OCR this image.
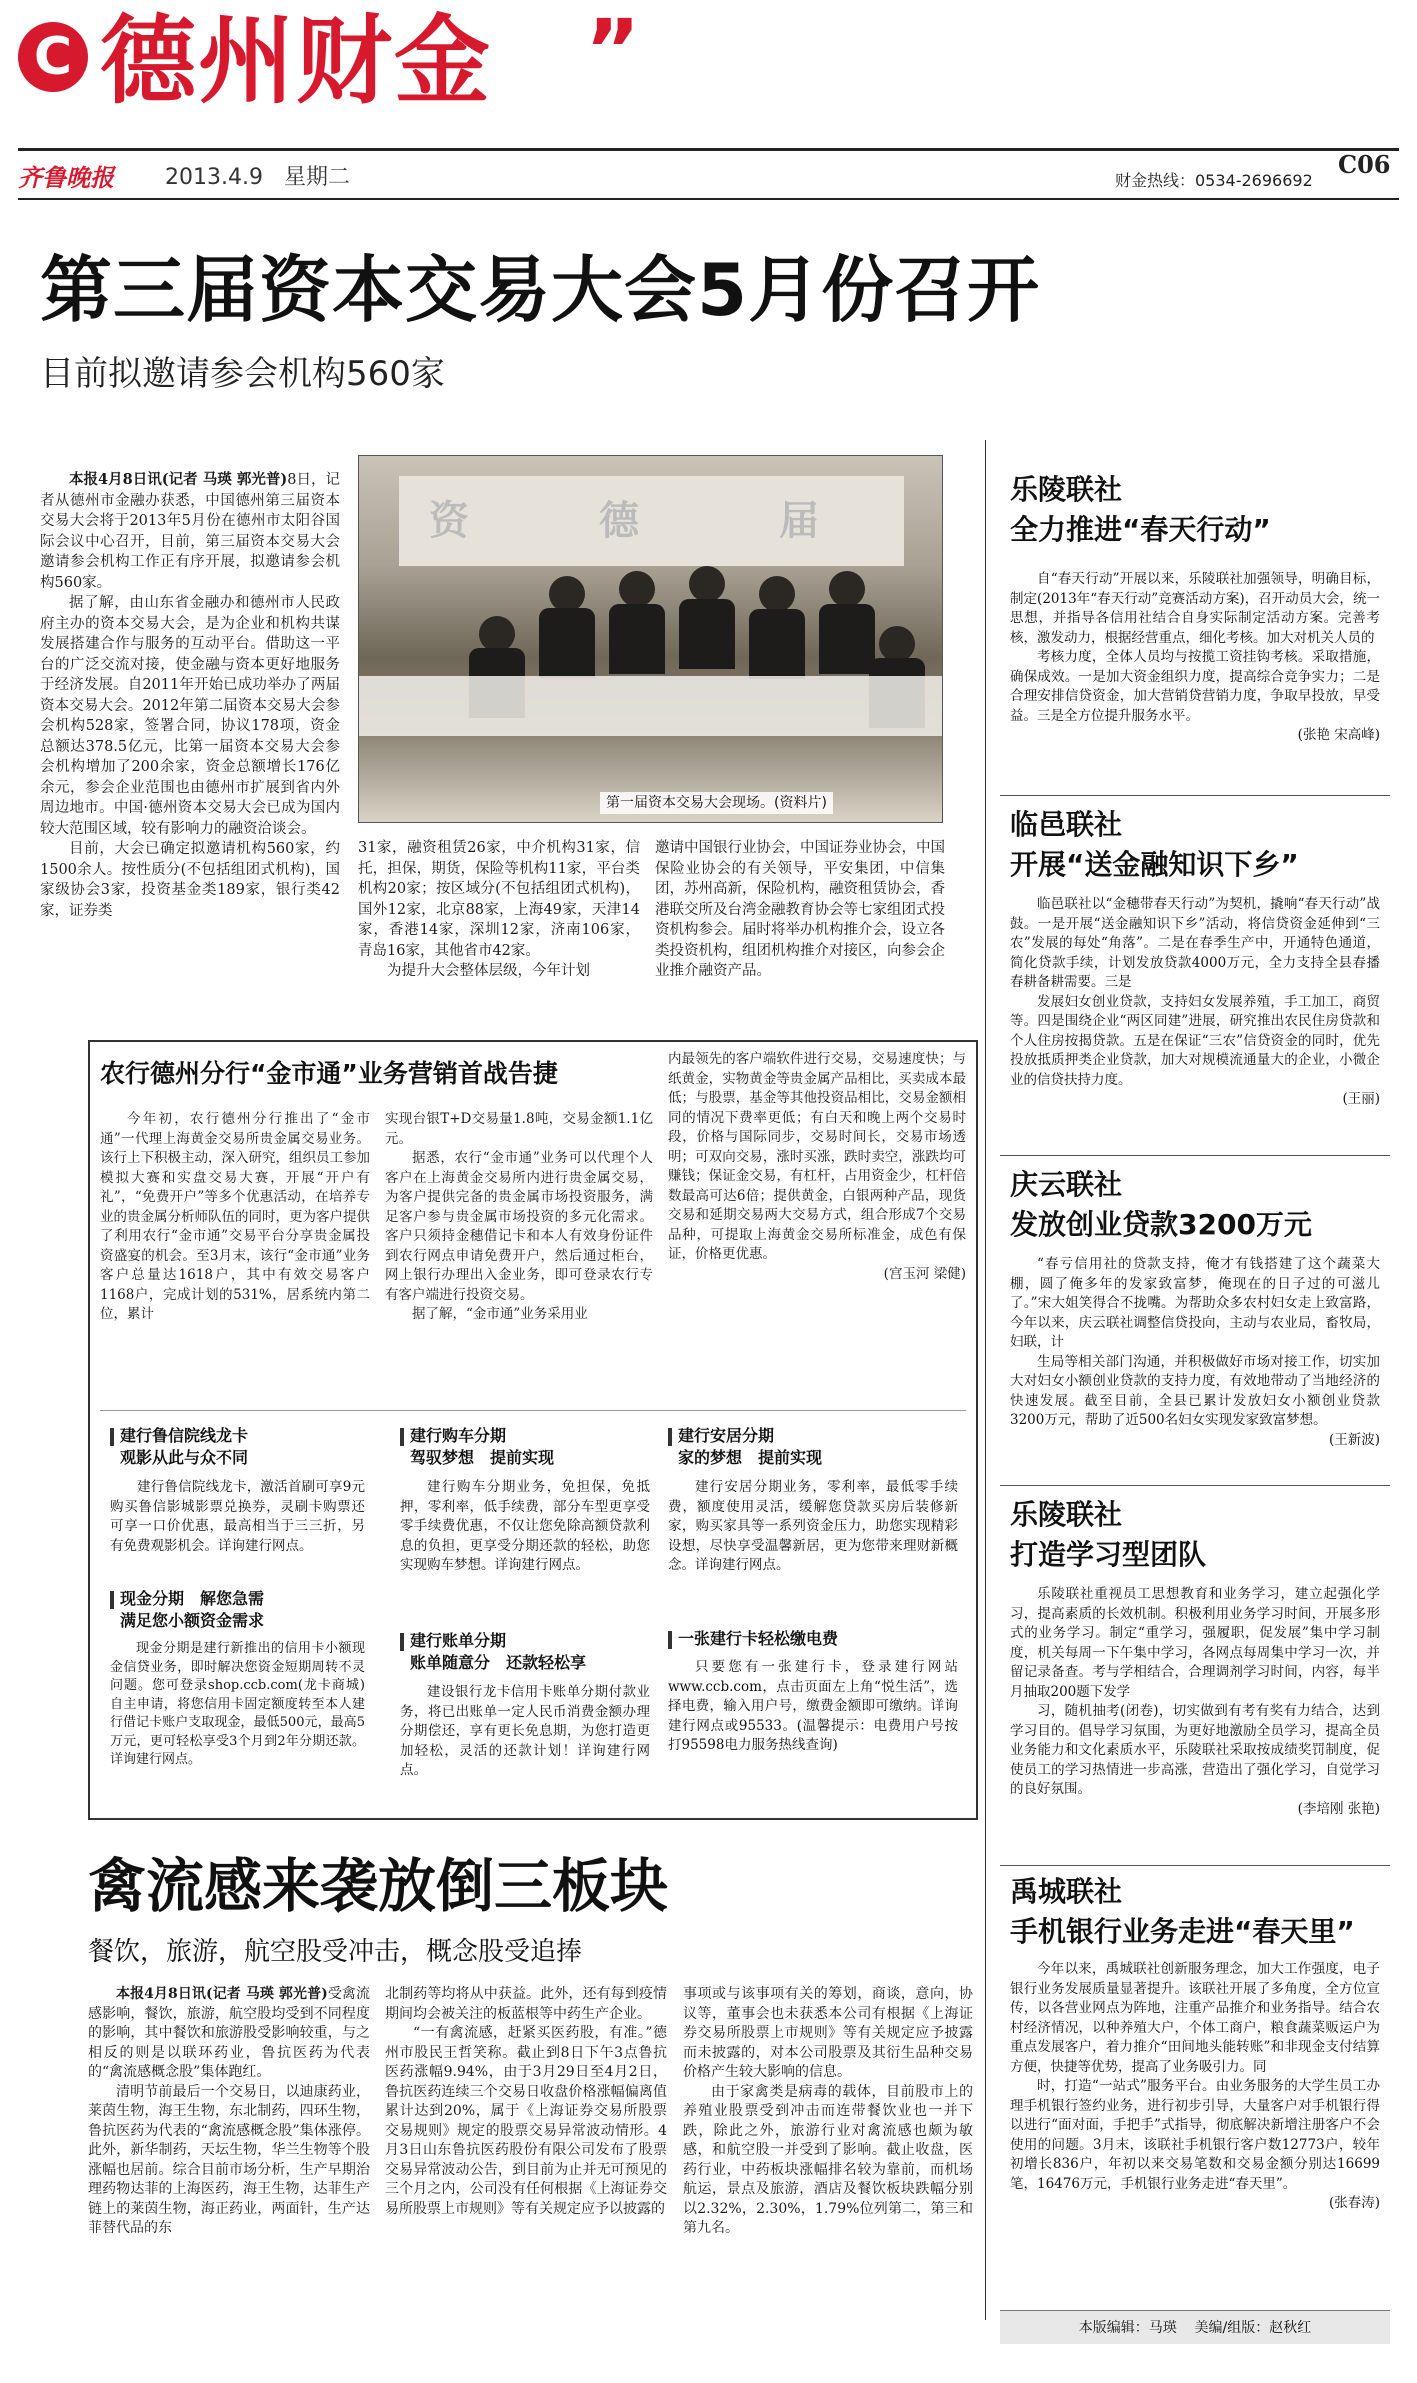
C 德州财金 ”
齐鲁晚报 2013.4.9 星期二	财金热线：0534-2696692
C06
第三届资本交易大会5月份召开
目前拟邀请参会机构560家

本报4月8日讯(记者 马瑛 郭光普)8日，记者从德州市金融办获悉，中国德州第三届资本交易大会将于2013年5月份在德州市太阳谷国际会议中心召开，目前，第三届资本交易大会邀请参会机构工作正有序开展，拟邀请参会机构560家。

据了解，由山东省金融办和德州市人民政府主办的资本交易大会，是为企业和机构共谋发展搭建合作与服务的互动平台。借助这一平台的广泛交流对接，使金融与资本更好地服务于经济发展。自2011年开始已成功举办了两届资本交易大会。2012年第二届资本交易大会参会机构528家，签署合同，协议178项，资金总额达378.5亿元，比第一届资本交易大会参会机构增加了200余家，资金总额增长176亿余元，参会企业范围也由德州市扩展到省内外周边地市。中国·德州资本交易大会已成为国内较大范围区域，较有影响力的融资洽谈会。

目前，大会已确定拟邀请机构560家，约1500余人。按性质分(不包括组团式机构)，国家级协会3家，投资基金类189家，银行类42家，证券类

资	德	届
第一届资本交易大会现场。(资料片)

31家，融资租赁26家，中介机构31家，信托，担保，期货，保险等机构11家，平台类机构20家；按区域分(不包括组团式机构)，国外12家，北京88家，上海49家，天津14家，香港14家，深圳12家，济南106家，青岛16家，其他省市42家。

为提升大会整体层级，今年计划

邀请中国银行业协会，中国证券业协会，中国保险业协会的有关领导，平安集团，中信集团，苏州高新，保险机构，融资租赁协会，香港联交所及台湾金融教育协会等七家组团式投资机构参会。届时将举办机构推介会，设立各类投资机构，组团机构推介对接区，向参会企业推介融资产品。

农行德州分行“金市通”业务营销首战告捷

今年初，农行德州分行推出了“金市通”一代理上海黄金交易所贵金属交易业务。该行上下积极主动，深入研究，组织员工参加模拟大赛和实盘交易大赛，开展“开户有礼”，“免费开户”等多个优惠活动，在培养专业的贵金属分析师队伍的同时，更为客户提供了利用农行“金市通”交易平台分享贵金属投资盛宴的机会。至3月末，该行“金市通”业务客户总量达1618户，其中有效交易客户1168户，完成计划的531%，居系统内第二位，累计

实现台银T+D交易量1.8吨，交易金额1.1亿元。

据悉，农行“金市通”业务可以代理个人客户在上海黄金交易所内进行贵金属交易，为客户提供完备的贵金属市场投资服务，满足客户参与贵金属市场投资的多元化需求。客户只须持金穗借记卡和本人有效身份证件到农行网点申请免费开户，然后通过柜台，网上银行办理出入金业务，即可登录农行专有客户端进行投资交易。

据了解，“金市通”业务采用业

内最领先的客户端软件进行交易，交易速度快；与纸黄金，实物黄金等贵金属产品相比，买卖成本最低；与股票，基金等其他投资品相比，交易金额相同的情况下费率更低；有白天和晚上两个交易时段，价格与国际同步，交易时间长，交易市场透明；可双向交易，涨时买涨，跌时卖空，涨跌均可赚钱；保证金交易，有杠杆，占用资金少，杠杆倍数最高可达6倍；提供黄金，白银两种产品，现货交易和延期交易两大交易方式，组合形成7个交易品种，可提取上海黄金交易所标准金，成色有保证，价格更优惠。

(宫玉河 梁健)
建行鲁信院线龙卡
观影从此与众不同

建行鲁信院线龙卡，激活首刷可享9元购买鲁信影城影票兑换券，灵刷卡购票还可享一口价优惠，最高相当于三三折，另有免费观影机会。详询建行网点。

建行购车分期
驾驭梦想　提前实现

建行购车分期业务，免担保，免抵押，零利率，低手续费，部分车型更享受零手续费优惠，不仅让您免除高额贷款利息的负担，更享受分期还款的轻松，助您实现购车梦想。详询建行网点。

建行安居分期
家的梦想　提前实现

建行安居分期业务，零利率，最低零手续费，额度使用灵活，缓解您贷款买房后装修新家，购买家具等一系列资金压力，助您实现精彩设想，尽快享受温馨新居，更为您带来理财新概念。详询建行网点。

现金分期　解您急需
满足您小额资金需求

现金分期是建行新推出的信用卡小额现金信贷业务，即时解决您资金短期周转不灵问题。您可登录shop.ccb.com(龙卡商城)自主申请，将您信用卡固定额度转至本人建行借记卡账户支取现金，最低500元，最高5万元，更可轻松享受3个月到2年分期还款。详询建行网点。

建行账单分期
账单随意分　还款轻松享

建设银行龙卡信用卡账单分期付款业务，将已出账单一定人民币消费金额办理分期偿还，享有更长免息期，为您打造更加轻松，灵活的还款计划！详询建行网点。

一张建行卡轻松缴电费

只要您有一张建行卡，登录建行网站www.ccb.com，点击页面左上角“悦生活”，选择电费，输入用户号，缴费金额即可缴纳。详询建行网点或95533。(温馨提示：电费用户号按打95598电力服务热线查询)

禽流感来袭放倒三板块
餐饮，旅游，航空股受冲击，概念股受追捧

本报4月8日讯(记者 马瑛 郭光普)受禽流感影响，餐饮，旅游，航空股均受到不同程度的影响，其中餐饮和旅游股受影响较重，与之相反的则是以联环药业，鲁抗医药为代表的“禽流感概念股”集体跑红。

清明节前最后一个交易日，以迪康药业，莱茵生物，海王生物，东北制药，四环生物，鲁抗医药为代表的“禽流感概念股”集体涨停。此外，新华制药，天坛生物，华兰生物等个股涨幅也居前。综合目前市场分析，生产早期治理药物达菲的上海医药，海王生物，达菲生产链上的莱茵生物，海正药业，两面针，生产达菲替代品的东

北制药等均将从中获益。此外，还有每到疫情期间均会被关注的板蓝根等中药生产企业。

“一有禽流感，赶紧买医药股，有准。”德州市股民王哲笑称。截止到8日下午3点鲁抗医药涨幅9.94%，由于3月29日至4月2日，鲁抗医药连续三个交易日收盘价格涨幅偏离值累计达到20%，属于《上海证券交易所股票交易规则》规定的股票交易异常波动情形。4月3日山东鲁抗医药股份有限公司发布了股票交易异常波动公告，到目前为止并无可预见的三个月之内，公司没有任何根据《上海证券交易所股票上市规则》等有关规定应予以披露的

事项或与该事项有关的筹划，商谈，意向，协议等，董事会也未获悉本公司有根据《上海证券交易所股票上市规则》等有关规定应予披露而未披露的，对本公司股票及其衍生品种交易价格产生较大影响的信息。

由于家禽类是病毒的载体，目前股市上的养殖业股票受到冲击而连带餐饮业也一并下跌，除此之外，旅游行业对禽流感也颇为敏感，和航空股一并受到了影响。截止收盘，医药行业，中药板块涨幅排名较为靠前，而机场航运，景点及旅游，酒店及餐饮板块跌幅分别以2.32%，2.30%，1.79%位列第二，第三和第九名。

乐陵联社
全力推进“春天行动”

自“春天行动”开展以来，乐陵联社加强领导，明确目标，制定(2013年“春天行动”竞赛活动方案)，召开动员大会，统一思想，并指导各信用社结合自身实际制定活动方案。完善考核，激发动力，根据经营重点，细化考核。加大对机关人员的

考核力度，全体人员均与按揽工资挂钩考核。采取措施，确保成效。一是加大资金组织力度，提高综合竞争实力；二是合理安排信贷资金，加大营销贷营销力度，争取早投放，早受益。三是全方位提升服务水平。

(张艳 宋高峰)
临邑联社
开展“送金融知识下乡”

临邑联社以“金穗带春天行动”为契机，撬响“春天行动”战鼓。一是开展“送金融知识下乡”活动，将信贷资金延伸到“三农”发展的每处“角落”。二是在春季生产中，开通特色通道，简化贷款手续，计划发放贷款4000万元，全力支持全县春播春耕备耕需要。三是

发展妇女创业贷款，支持妇女发展养殖，手工加工，商贸等。四是围绕企业“两区同建”进展，研究推出农民住房贷款和个人住房按揭贷款。五是在保证“三农”信贷资金的同时，优先投放抵质押类企业贷款，加大对规模流通量大的企业，小微企业的信贷扶持力度。

(王丽)
庆云联社
发放创业贷款3200万元

“春亏信用社的贷款支持，俺才有钱搭建了这个蔬菜大棚，圆了俺多年的发家致富梦，俺现在的日子过的可滋儿了。”宋大姐笑得合不拢嘴。为帮助众多农村妇女走上致富路，今年以来，庆云联社调整信贷投向，主动与农业局，畜牧局，妇联，计

生局等相关部门沟通，并积极做好市场对接工作，切实加大对妇女小额创业贷款的支持力度，有效地带动了当地经济的快速发展。截至目前，全县已累计发放妇女小额创业贷款3200万元，帮助了近500名妇女实现发家致富梦想。

(王新波)
乐陵联社
打造学习型团队

乐陵联社重视员工思想教育和业务学习，建立起强化学习，提高素质的长效机制。积极利用业务学习时间，开展多形式的业务学习。制定“重学习，强履职，促发展”集中学习制度，机关每周一下午集中学习，各网点每周集中学习一次，并留记录备查。考与学相结合，合理调剂学习时间，内容，每半月抽取200题下发学

习，随机抽考(闭卷)，切实做到有考有奖有力结合，达到学习目的。倡导学习氛围，为更好地激励全员学习，提高全员业务能力和文化素质水平，乐陵联社采取按成绩奖罚制度，促使员工的学习热情进一步高涨，营造出了强化学习，自觉学习的良好氛围。

(李培刚 张艳)
禹城联社
手机银行业务走进“春天里”

今年以来，禹城联社创新服务理念，加大工作强度，电子银行业务发展质量显著提升。该联社开展了多角度，全方位宣传，以各营业网点为阵地，注重产品推介和业务指导。结合农村经济情况，以种养殖大户，个体工商户，粮食蔬菜贩运户为重点发展客户，着力推介“田间地头能转账”和非现金支付结算方便，快捷等优势，提高了业务吸引力。同

时，打造“一站式”服务平台。由业务服务的大学生员工办理手机银行签约业务，进行初步引导，大量客户对手机银行得以进行“面对面，手把手”式指导，彻底解决新增注册客户不会使用的问题。3月末，该联社手机银行客户数12773户，较年初增长836户，年初以来交易笔数和交易金额分别达16699笔，16476万元，手机银行业务走进“春天里”。

(张春涛)
本版编辑：马瑛 美编/组版：赵秋红
